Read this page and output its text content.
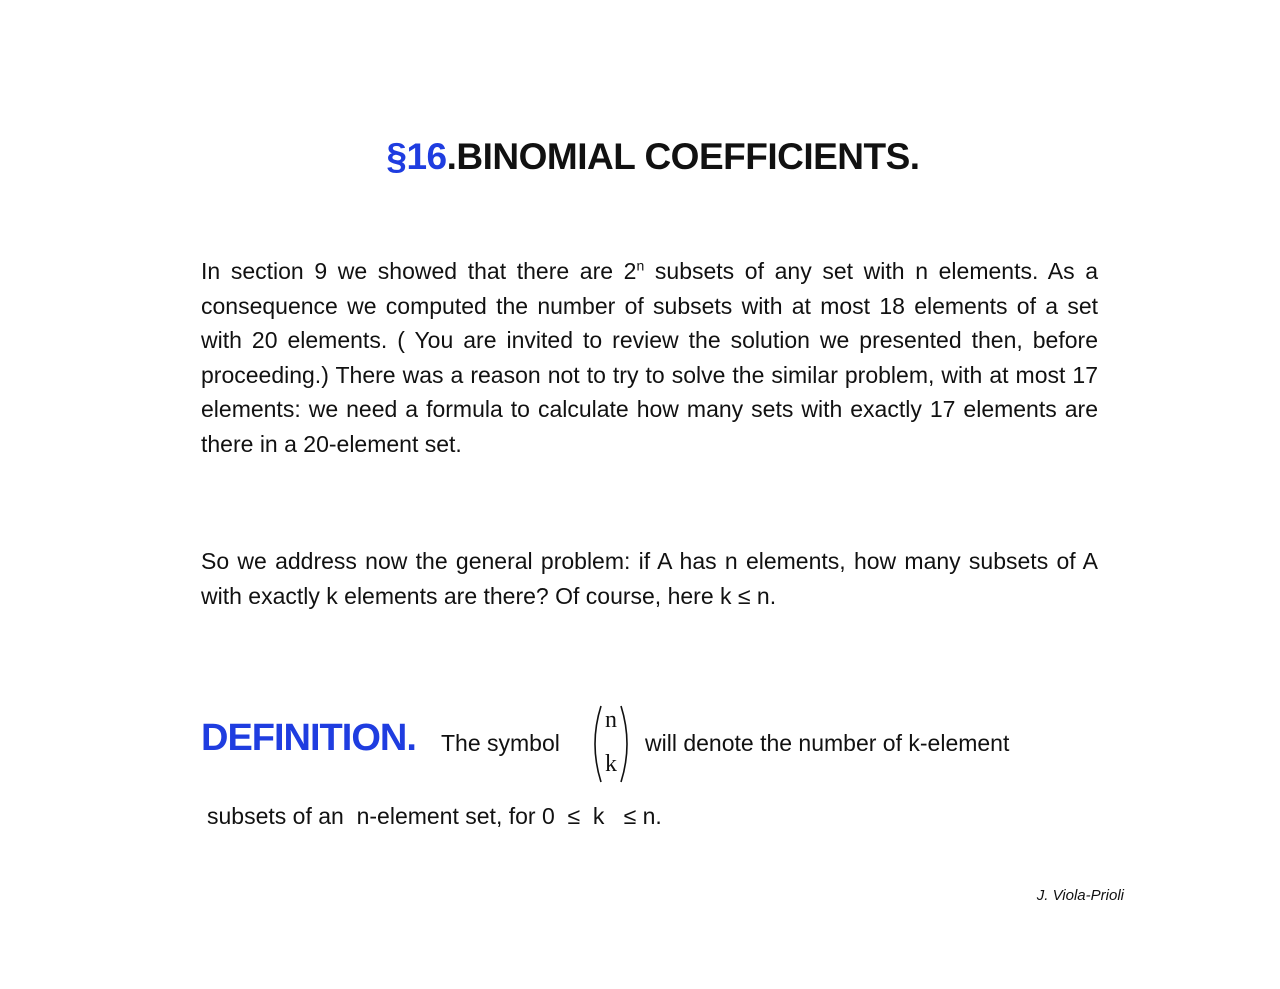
§16.BINOMIAL COEFFICIENTS.

In section 9 we showed that there are 2$^n$ subsets of any set with n elements. As a consequence we computed the number of subsets with at most 18 elements of a set with 20 elements. ( You are invited to review the solution we presented then, before proceeding.) There was a reason not to try to solve the similar problem, with at most 17 elements: we need a formula to calculate how many sets with exactly 17 elements are there in a 20-element set.

So we address now the general problem: if A has n elements, how many subsets of A with exactly k elements are there? Of course, here k ≤ n.

DEFINITION. The symbol
n
k
will denote the number of k-element
subsets of an  n-element set, for 0  ≤  k   ≤ n.
J. Viola-Prioli
